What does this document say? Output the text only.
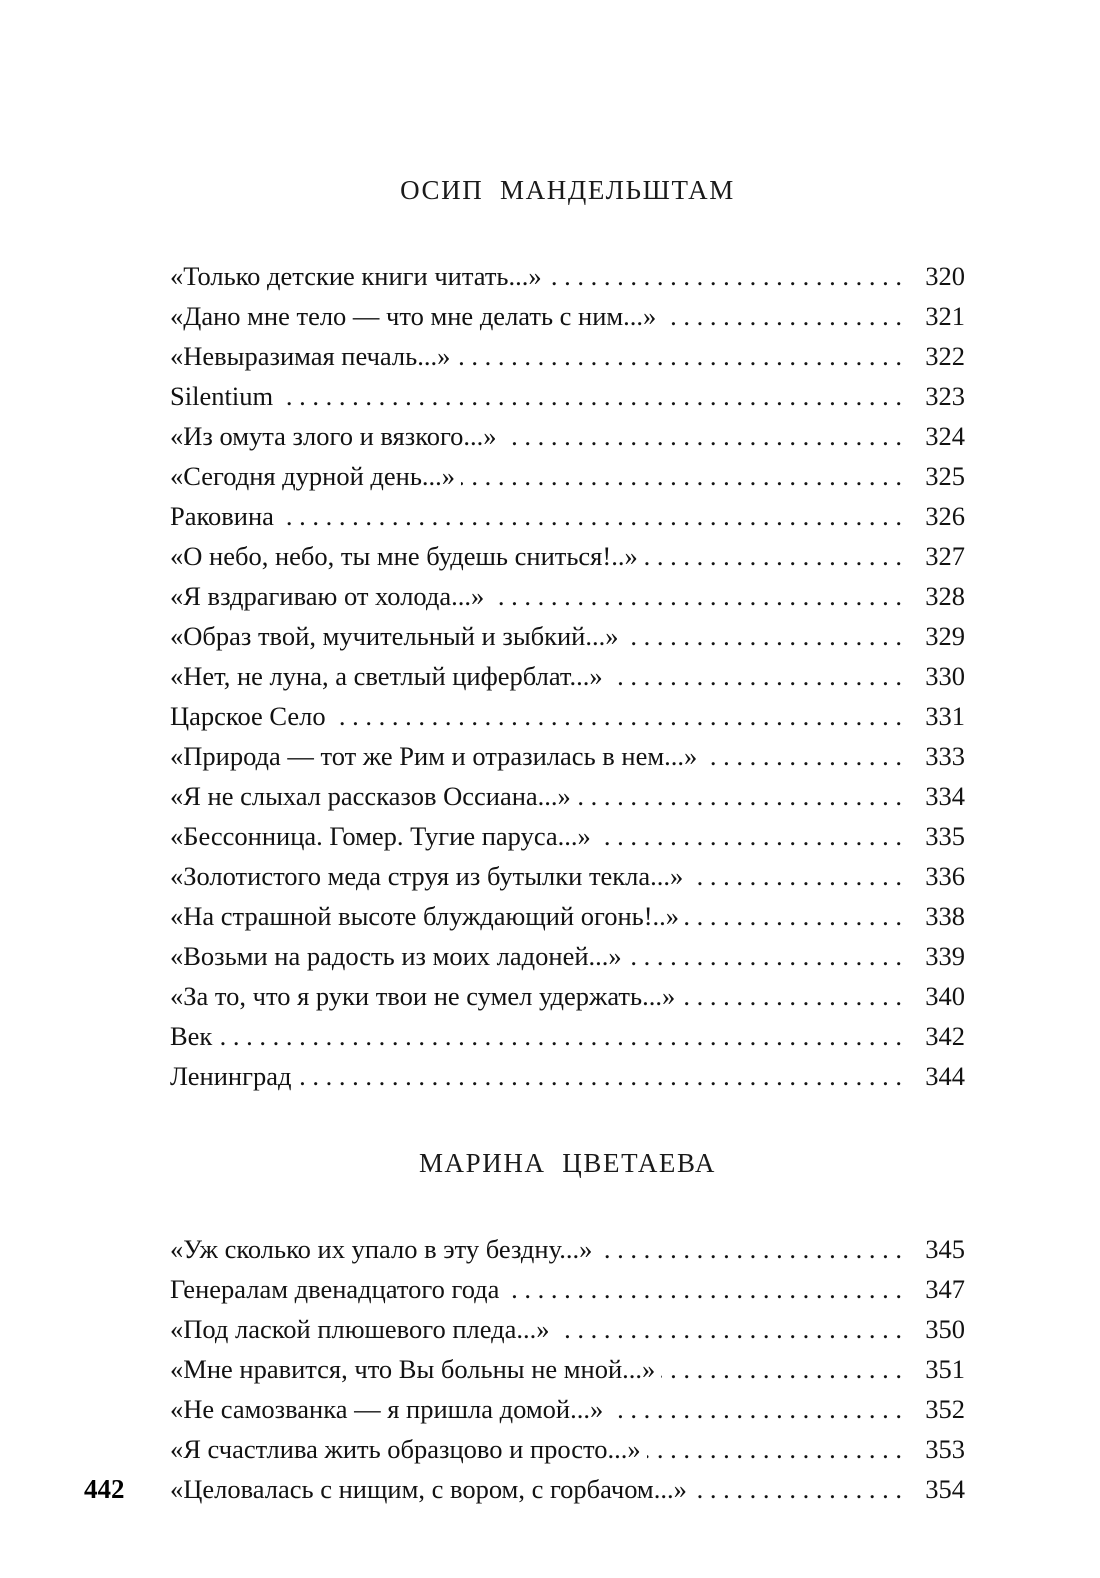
ОСИП  МАНДЕЛЬШТАМ
«Только детские книги читать...» . . .	320
«Дано мне тело — что мне делать с ним...» . . .	321
«Невыразимая печаль...» . . .	322
Silentium . . .	323
«Из омута злого и вязкого...» . . .	324
«Сегодня дурной день...» . . .	325
Раковина . . .	326
«О небо, небо, ты мне будешь сниться!..» . . .	327
«Я вздрагиваю от холода...» . . .	328
«Образ твой, мучительный и зыбкий...» . . .	329
«Нет, не луна, а светлый циферблат...» . . .	330
Царское Село . . .	331
«Природа — тот же Рим и отразилась в нем...» . . .	333
«Я не слыхал рассказов Оссиана...» . . .	334
«Бессонница. Гомер. Тугие паруса...» . . .	335
«Золотистого меда струя из бутылки текла...» . . .	336
«На страшной высоте блуждающий огонь!..» . . .	338
«Возьми на радость из моих ладоней...» . . .	339
«За то, что я руки твои не сумел удержать...» . . .	340
Век . . .	342
Ленинград . . .	344
МАРИНА  ЦВЕТАЕВА
«Уж сколько их упало в эту бездну...» . . .	345
Генералам двенадцатого года . . .	347
«Под лаской плюшевого пледа...» . . .	350
«Мне нравится, что Вы больны не мной...» . . .	351
«Не самозванка — я пришла домой...» . . .	352
«Я счастлива жить образцово и просто...» . . .	353
«Целовалась с нищим, с вором, с горбачом...» . . .	354
442
